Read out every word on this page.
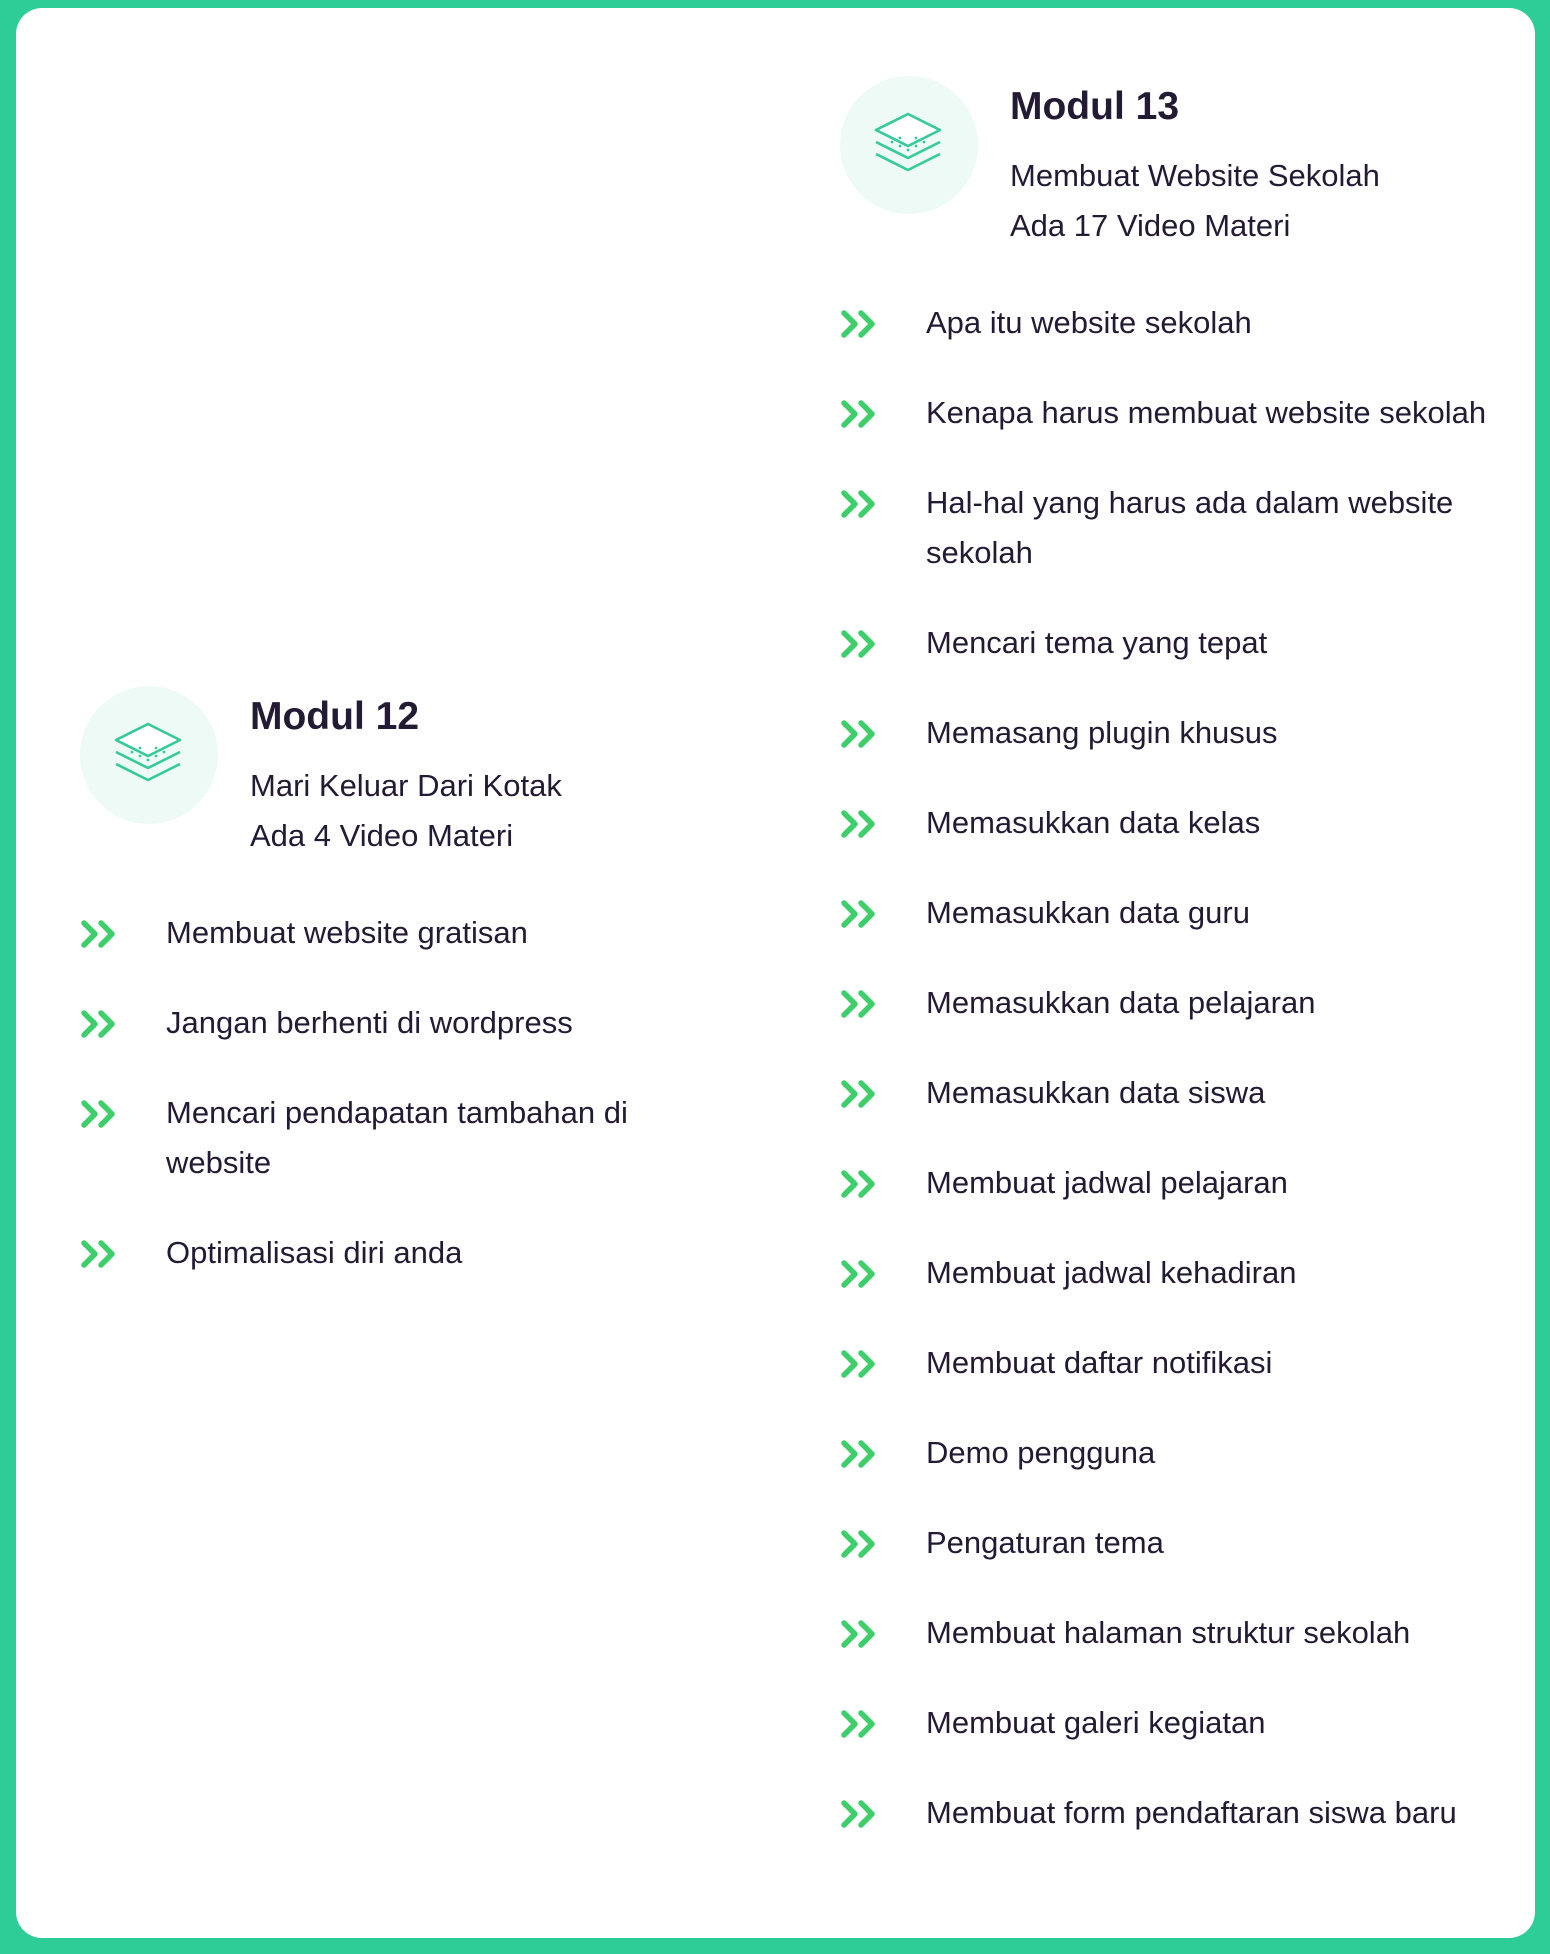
Modul 12

Mari Keluar Dari Kotak

Ada 4 Video Materi

Membuat website gratisan
Jangan berhenti di wordpress
Mencari pendapatan tambahan di website
Optimalisasi diri anda
Modul 13

Membuat Website Sekolah

Ada 17 Video Materi

Apa itu website sekolah
Kenapa harus membuat website sekolah
Hal-hal yang harus ada dalam website sekolah
Mencari tema yang tepat
Memasang plugin khusus
Memasukkan data kelas
Memasukkan data guru
Memasukkan data pelajaran
Memasukkan data siswa
Membuat jadwal pelajaran
Membuat jadwal kehadiran
Membuat daftar notifikasi
Demo pengguna
Pengaturan tema
Membuat halaman struktur sekolah
Membuat galeri kegiatan
Membuat form pendaftaran siswa baru
